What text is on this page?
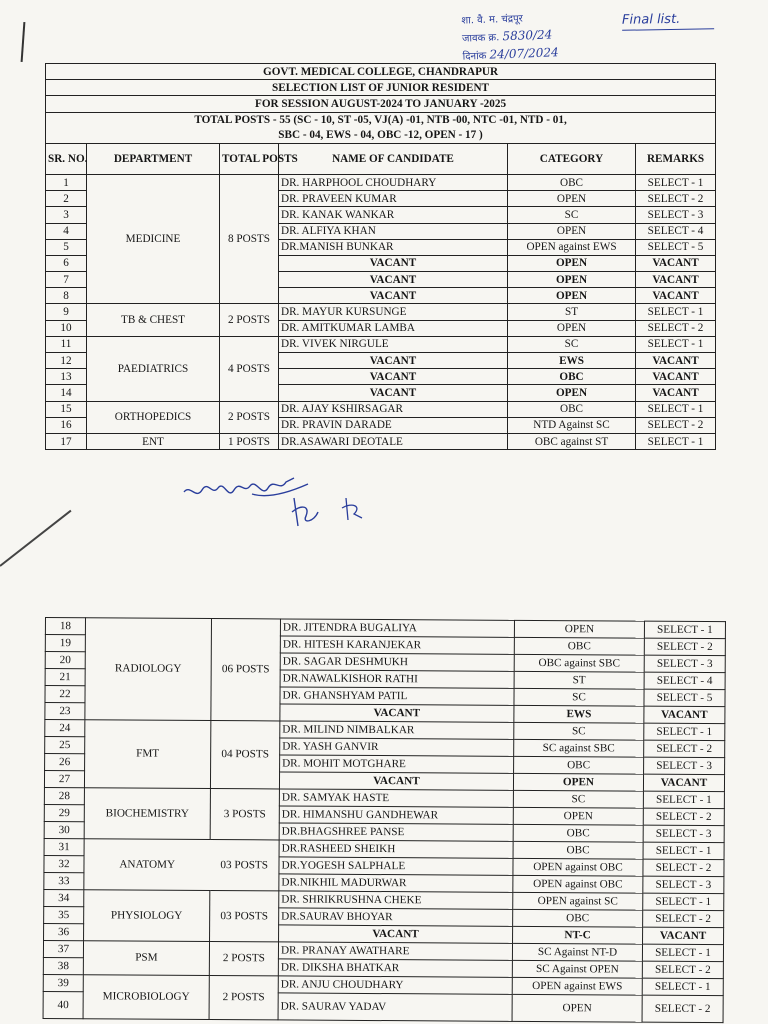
शा. वै. म. चंद्रपूर
जावक क्र. 5830/24
दिनांक 24/07/2024
Final list.
GOVT. MEDICAL COLLEGE, CHANDRAPUR					
SELECTION LIST OF JUNIOR RESIDENT					
FOR SESSION AUGUST-2024 TO JANUARY -2025					
TOTAL POSTS - 55 (SC - 10, ST -05, VJ(A) -01, NTB -00, NTC -01, NTD - 01,					
SBC - 04, EWS - 04, OBC -12, OPEN - 17 )					
SR. NO.	DEPARTMENT	TOTAL POSTS	NAME OF CANDIDATE	CATEGORY	REMARKS
1	MEDICINE	8 POSTS	DR. HARPHOOL CHOUDHARY	OBC	SELECT - 1
2			DR. PRAVEEN KUMAR	OPEN	SELECT - 2
3			DR. KANAK WANKAR	SC	SELECT - 3
4			DR. ALFIYA KHAN	OPEN	SELECT - 4
5			DR.MANISH BUNKAR	OPEN against EWS	SELECT - 5
6			VACANT	OPEN	VACANT
7			VACANT	OPEN	VACANT
8			VACANT	OPEN	VACANT
9	TB & CHEST	2 POSTS	DR. MAYUR KURSUNGE	ST	SELECT - 1
10			DR. AMITKUMAR LAMBA	OPEN	SELECT - 2
11	PAEDIATRICS	4 POSTS	DR. VIVEK NIRGULE	SC	SELECT - 1
12			VACANT	EWS	VACANT
13			VACANT	OBC	VACANT
14			VACANT	OPEN	VACANT
15	ORTHOPEDICS	2 POSTS	DR. AJAY KSHIRSAGAR	OBC	SELECT - 1
16			DR. PRAVIN DARADE	NTD Against SC	SELECT - 2
17	ENT	1 POSTS	DR.ASAWARI DEOTALE	OBC against ST	SELECT - 1
18	RADIOLOGY	06 POSTS	DR. JITENDRA BUGALIYA	OPEN	SELECT - 1
19			DR. HITESH KARANJEKAR	OBC	SELECT - 2
20			DR. SAGAR DESHMUKH	OBC against SBC	SELECT - 3
21			DR.NAWALKISHOR RATHI	ST	SELECT - 4
22			DR. GHANSHYAM PATIL	SC	SELECT - 5
23			VACANT	EWS	VACANT
24	FMT	04 POSTS	DR. MILIND NIMBALKAR	SC	SELECT - 1
25			DR. YASH GANVIR	SC against SBC	SELECT - 2
26			DR. MOHIT MOTGHARE	OBC	SELECT - 3
27			VACANT	OPEN	VACANT
28	BIOCHEMISTRY	3 POSTS	DR. SAMYAK HASTE	SC	SELECT - 1
29			DR. HIMANSHU GANDHEWAR	OPEN	SELECT - 2
30			DR.BHAGSHREE PANSE	OBC	SELECT - 3
31	ANATOMY	03 POSTS	DR.RASHEED SHEIKH	OBC	SELECT - 1
32			DR.YOGESH SALPHALE	OPEN against OBC	SELECT - 2
33			DR.NIKHIL MADURWAR	OPEN against OBC	SELECT - 3
34	PHYSIOLOGY	03 POSTS	DR. SHRIKRUSHNA CHEKE	OPEN against SC	SELECT - 1
35			DR.SAURAV BHOYAR	OBC	SELECT - 2
36			VACANT	NT-C	VACANT
37	PSM	2 POSTS	DR. PRANAY AWATHARE	SC Against NT-D	SELECT - 1
38			DR. DIKSHA BHATKAR	SC Against OPEN	SELECT - 2
39	MICROBIOLOGY	2 POSTS	DR. ANJU CHOUDHARY	OPEN against EWS	SELECT - 1
40			DR. SAURAV YADAV	OPEN	SELECT - 2
